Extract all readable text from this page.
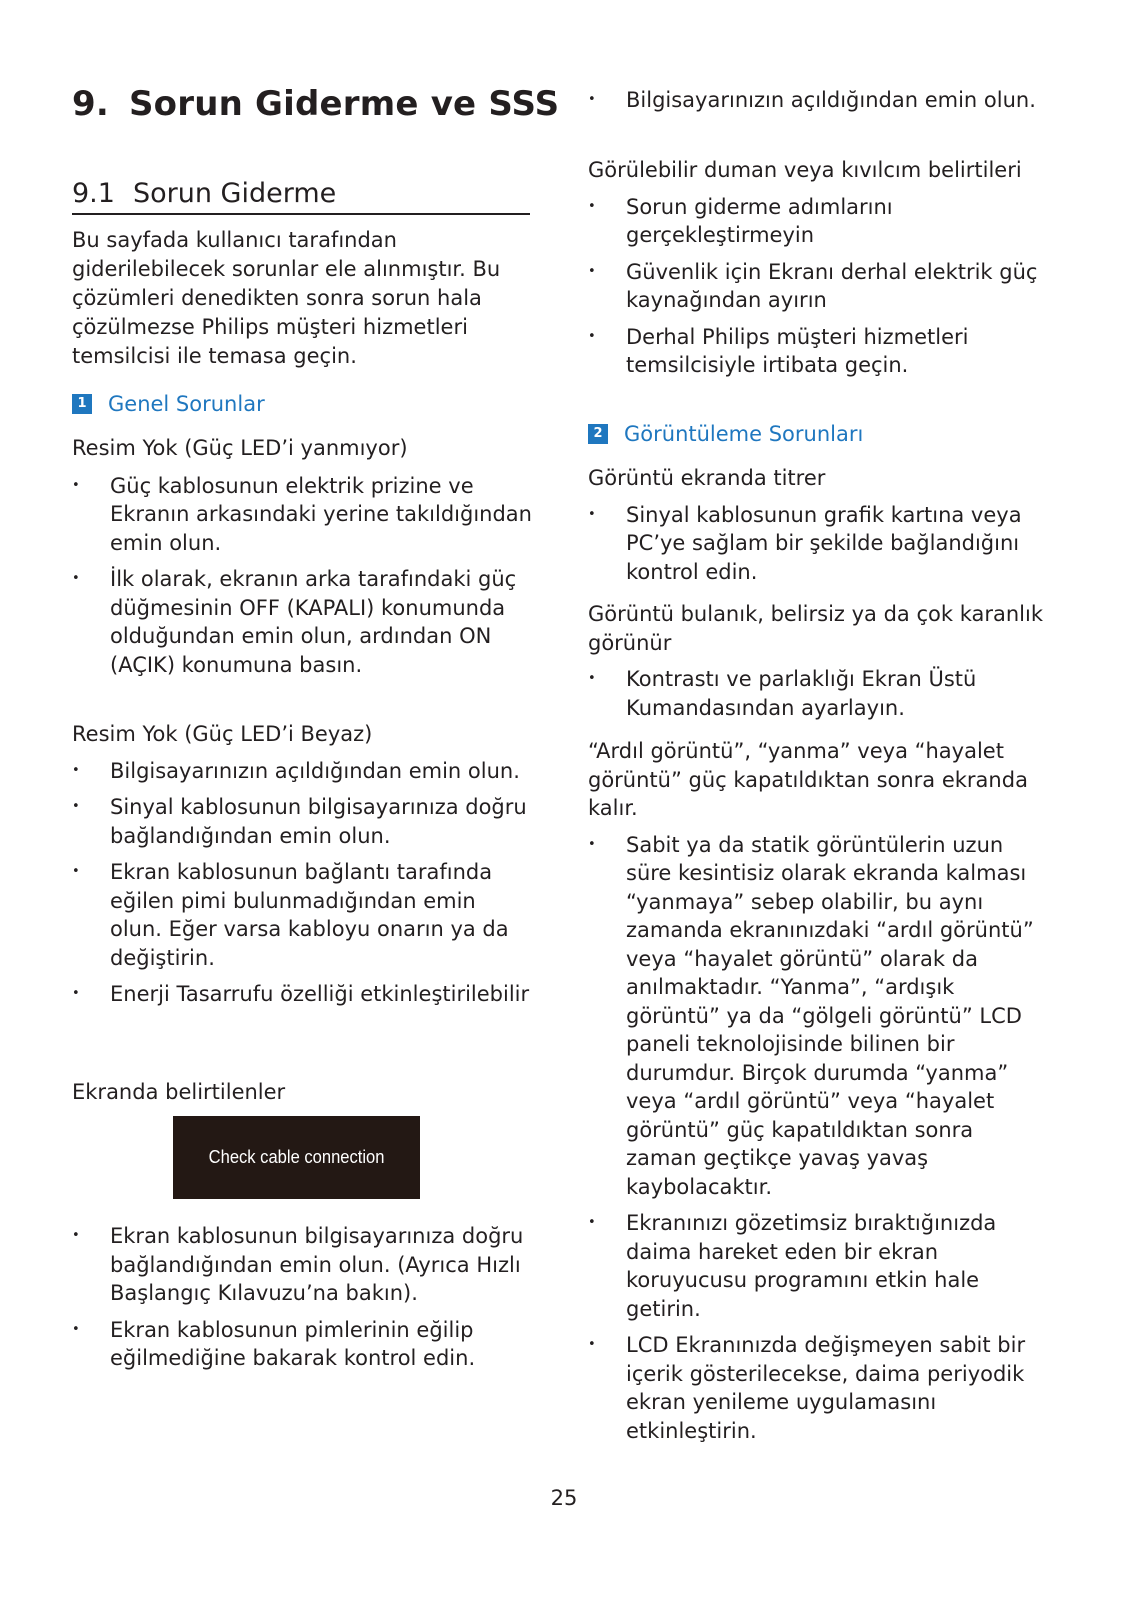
9. Sorun Giderme ve SSS
9.1 Sorun Giderme

Bu sayfada kullanıcı tarafından giderilebilecek sorunlar ele alınmıştır. Bu çözümleri denedikten sonra sorun hala çözülmezse Philips müşteri hizmetleri temsilcisi ile temasa geçin.

1 Genel Sorunlar

Resim Yok (Güç LED’i yanmıyor)

• Güç kablosunun elektrik prizine ve Ekranın arkasındaki yerine takıldığından emin olun.
• İlk olarak, ekranın arka tarafındaki güç düğmesinin OFF (KAPALI) konumunda olduğundan emin olun, ardından ON (AÇIK) konumuna basın.

Resim Yok (Güç LED’i Beyaz)

• Bilgisayarınızın açıldığından emin olun.
• Sinyal kablosunun bilgisayarınıza doğru bağlandığından emin olun.
• Ekran kablosunun bağlantı tarafında eğilen pimi bulunmadığından emin olun. Eğer varsa kabloyu onarın ya da değiştirin.
• Enerji Tasarrufu özelliği etkinleştirilebilir

Ekranda belirtilenler

Check cable connection
• Ekran kablosunun bilgisayarınıza doğru bağlandığından emin olun. (Ayrıca Hızlı Başlangıç Kılavuzu’na bakın).
• Ekran kablosunun pimlerinin eğilip eğilmediğine bakarak kontrol edin.
• Bilgisayarınızın açıldığından emin olun.

Görülebilir duman veya kıvılcım belirtileri

• Sorun giderme adımlarını gerçekleştirmeyin
• Güvenlik için Ekranı derhal elektrik güç kaynağından ayırın
• Derhal Philips müşteri hizmetleri temsilcisiyle irtibata geçin.
2 Görüntüleme Sorunları

Görüntü ekranda titrer

• Sinyal kablosunun grafik kartına veya PC’ye sağlam bir şekilde bağlandığını kontrol edin.

Görüntü bulanık, belirsiz ya da çok karanlık görünür

• Kontrastı ve parlaklığı Ekran Üstü Kumandasından ayarlayın.

“Ardıl görüntü”, “yanma” veya “hayalet görüntü” güç kapatıldıktan sonra ekranda kalır.

• Sabit ya da statik görüntülerin uzun süre kesintisiz olarak ekranda kalması “yanmaya” sebep olabilir, bu aynı zamanda ekranınızdaki “ardıl görüntü” veya “hayalet görüntü” olarak da anılmaktadır. “Yanma”, “ardışık görüntü” ya da “gölgeli görüntü” LCD paneli teknolojisinde bilinen bir durumdur. Birçok durumda “yanma” veya “ardıl görüntü” veya “hayalet görüntü” güç kapatıldıktan sonra zaman geçtikçe yavaş yavaş kaybolacaktır.
• Ekranınızı gözetimsiz bıraktığınızda daima hareket eden bir ekran koruyucusu programını etkin hale getirin.
• LCD Ekranınızda değişmeyen sabit bir içerik gösterilecekse, daima periyodik ekran yenileme uygulamasını etkinleştirin.

25
